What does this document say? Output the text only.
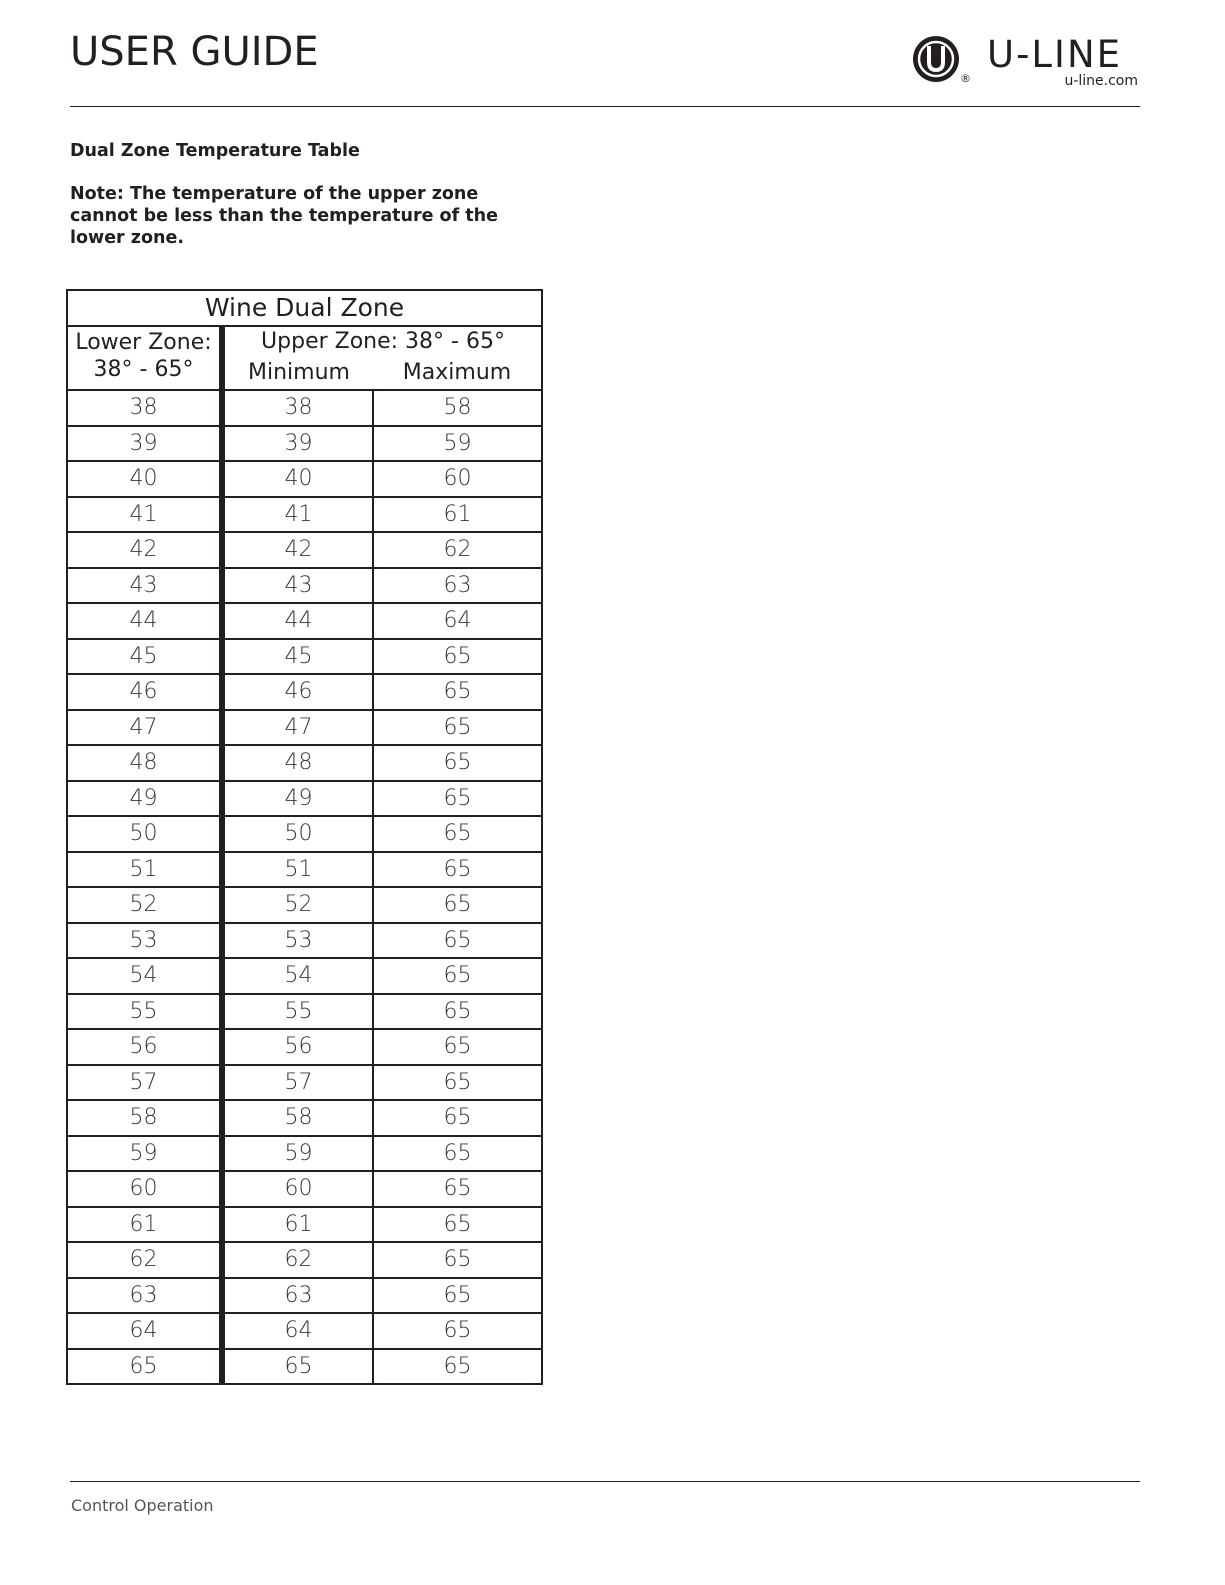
USER GUIDE
®
U-LINE
u-line.com
Dual Zone Temperature Table

Note: The temperature of the upper zone cannot be less than the temperature of the lower zone.

Wine Dual Zone		
Lower Zone:
38° - 65°	Upper Zone: 38° - 65°	
	Minimum	Maximum
38	38	58
39	39	59
40	40	60
41	41	61
42	42	62
43	43	63
44	44	64
45	45	65
46	46	65
47	47	65
48	48	65
49	49	65
50	50	65
51	51	65
52	52	65
53	53	65
54	54	65
55	55	65
56	56	65
57	57	65
58	58	65
59	59	65
60	60	65
61	61	65
62	62	65
63	63	65
64	64	65
65	65	65
Control Operation
